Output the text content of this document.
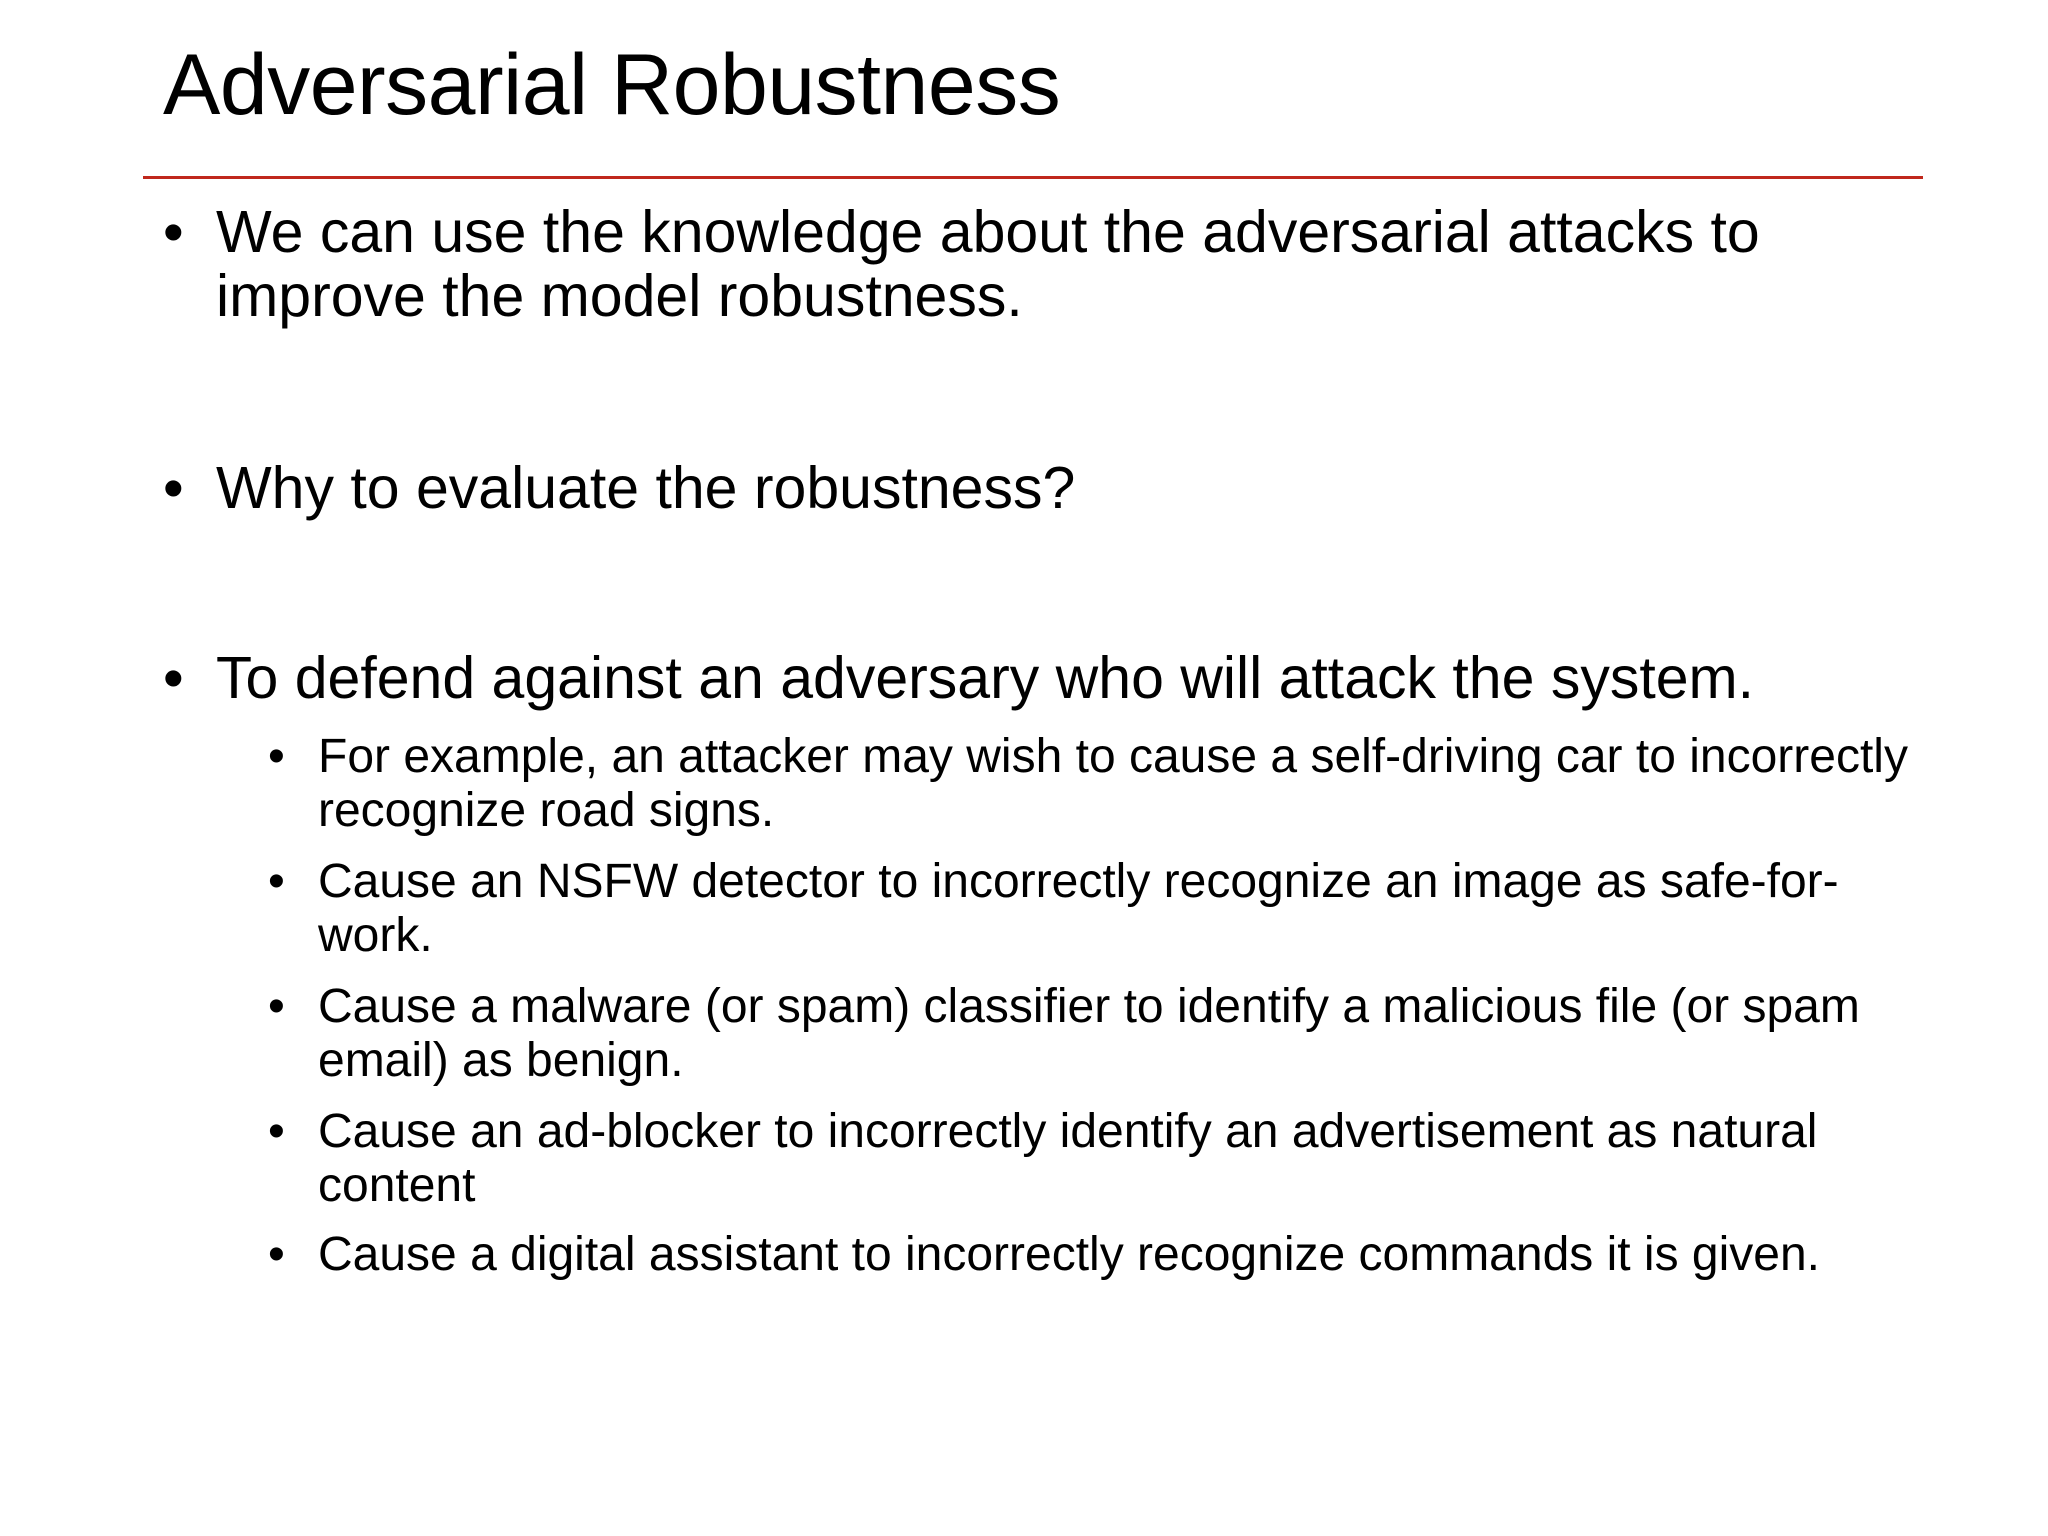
Adversarial Robustness
• We can use the knowledge about the adversarial attacks to improve the model robustness.
• Why to evaluate the robustness?
• To defend against an adversary who will attack the system.
• For example, an attacker may wish to cause a self-driving car to incorrectly recognize road signs.
• Cause an NSFW detector to incorrectly recognize an image as safe-for-work.
• Cause a malware (or spam) classifier to identify a malicious file (or spam email) as benign.
• Cause an ad-blocker to incorrectly identify an advertisement as natural content
• Cause a digital assistant to incorrectly recognize commands it is given.
